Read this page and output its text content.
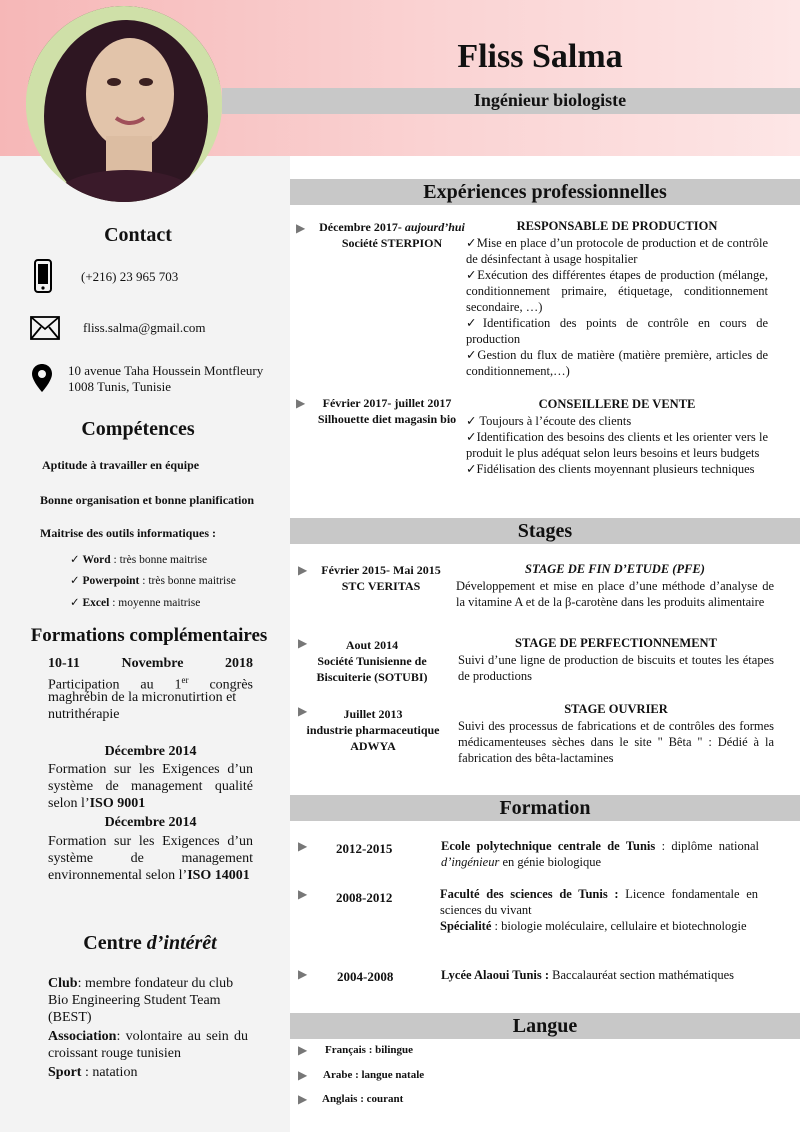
Fliss Salma
Ingénieur biologiste
Contact
(+216) 23 965 703
fliss.salma@gmail.com
10 avenue Taha Houssein Montfleury
1008 Tunis, Tunisie
Compétences
Aptitude à travailler en équipe
Bonne organisation et bonne planification
Maitrise des outils informatiques :
✓ Word : très bonne maitrise
✓ Powerpoint : très bonne maitrise
✓ Excel : moyenne maitrise
Formations complémentaires
10-11 Novembre 2018
Participation au 1er congrès
maghrébin de la micronutirtion et nutrithérapie
Décembre 2014
Formation sur les Exigences d’un système de management qualité selon l’ISO 9001
Décembre 2014
Formation sur les Exigences d’un système de management environnemental selon l’ISO 14001
Centre d’intérêt
Club: membre fondateur du club Bio Engineering Student Team (BEST)
Association: volontaire au sein du croissant rouge tunisien
Sport : natation
Expériences professionnelles
▶	Décembre 2017- aujourd’hui
Société STERPION
RESPONSABLE DE PRODUCTION
✓Mise en place d’un protocole de production et de contrôle de désinfectant à usage hospitalier
✓Exécution des différentes étapes de production (mélange, conditionnement primaire, étiquetage, conditionnement secondaire, …)
✓Identification des points de contrôle en cours de production
✓Gestion du flux de matière (matière première, articles de conditionnement,…)
▶	Février 2017- juillet 2017
Silhouette diet magasin bio
CONSEILLERE DE VENTE
✓ Toujours à l’écoute des clients
✓Identification des besoins des clients et les orienter vers le produit le plus adéquat selon leurs besoins et leurs budgets
✓Fidélisation des clients moyennant plusieurs techniques
Stages
▶	Février 2015- Mai 2015
STC VERITAS
STAGE DE FIN D’ETUDE (PFE)
Développement et mise en place d’une méthode d’analyse de la vitamine A et de la β-carotène dans les produits alimentaire
▶	Aout 2014
Société Tunisienne de Biscuiterie (SOTUBI)
STAGE DE PERFECTIONNEMENT
Suivi d’une ligne de production de biscuits et toutes les étapes de productions
▶	Juillet 2013
industrie pharmaceutique ADWYA
STAGE OUVRIER
Suivi des processus de fabrications et de contrôles des formes médicamenteuses sèches dans le site " Bêta " : Dédié à la fabrication des bêta-lactamines
Formation
▶ 2012-2015	Ecole polytechnique centrale de Tunis : diplôme national d’ingénieur en génie biologique
▶ 2008-2012	Faculté des sciences de Tunis : Licence fondamentale en sciences du vivant
Spécialité : biologie moléculaire, cellulaire et biotechnologie
▶ 2004-2008	Lycée Alaoui Tunis : Baccalauréat section mathématiques
Langue
▶ Français : bilingue
▶ Arabe : langue natale
▶ Anglais : courant
